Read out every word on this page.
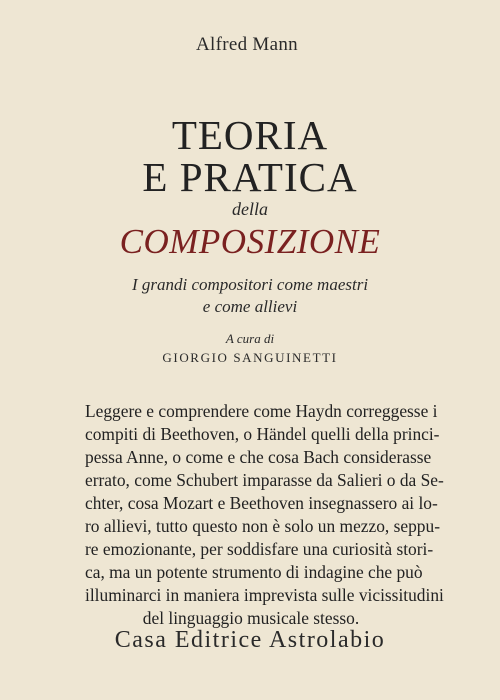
Alfred Mann
TEORIA
E PRATICA
della
COMPOSIZIONE
I grandi compositori come maestri
e come allievi
A cura di
GIORGIO SANGUINETTI
Leggere e comprendere come Haydn correggesse i
compiti di Beethoven, o Händel quelli della princi-
pessa Anne, o come e che cosa Bach considerasse
errato, come Schubert imparasse da Salieri o da Se-
chter, cosa Mozart e Beethoven insegnassero ai lo-
ro allievi, tutto questo non è solo un mezzo, seppu-
re emozionante, per soddisfare una curiosità stori-
ca, ma un potente strumento di indagine che può
illuminarci in maniera imprevista sulle vicissitudini
del linguaggio musicale stesso.
Casa Editrice Astrolabio
